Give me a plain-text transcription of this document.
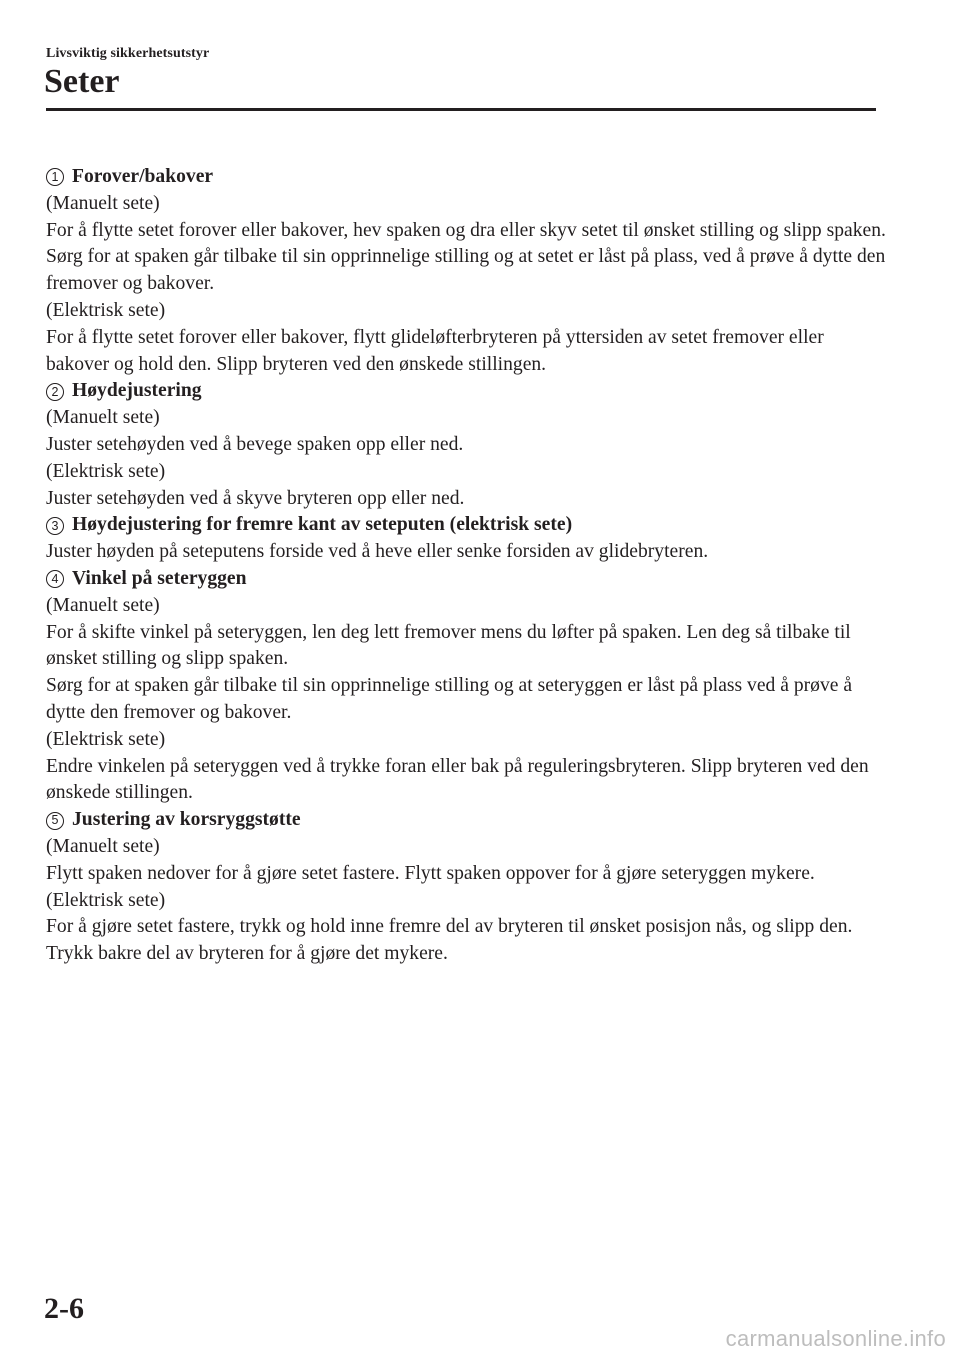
Livsviktig sikkerhetsutstyr
Seter
1 Forover/bakover

(Manuelt sete)

For å flytte setet forover eller bakover, hev spaken og dra eller skyv setet til ønsket stilling og slipp spaken.

Sørg for at spaken går tilbake til sin opprinnelige stilling og at setet er låst på plass, ved å prøve å dytte den fremover og bakover.

(Elektrisk sete)

For å flytte setet forover eller bakover, flytt glideløfterbryteren på yttersiden av setet fremover eller bakover og hold den. Slipp bryteren ved den ønskede stillingen.

2 Høydejustering

(Manuelt sete)

Juster setehøyden ved å bevege spaken opp eller ned.

(Elektrisk sete)

Juster setehøyden ved å skyve bryteren opp eller ned.

3 Høydejustering for fremre kant av seteputen (elektrisk sete)

Juster høyden på seteputens forside ved å heve eller senke forsiden av glidebryteren.

4 Vinkel på seteryggen

(Manuelt sete)

For å skifte vinkel på seteryggen, len deg lett fremover mens du løfter på spaken. Len deg så tilbake til ønsket stilling og slipp spaken.

Sørg for at spaken går tilbake til sin opprinnelige stilling og at seteryggen er låst på plass ved å prøve å dytte den fremover og bakover.

(Elektrisk sete)

Endre vinkelen på seteryggen ved å trykke foran eller bak på reguleringsbryteren. Slipp bryteren ved den ønskede stillingen.

5 Justering av korsryggstøtte

(Manuelt sete)

Flytt spaken nedover for å gjøre setet fastere. Flytt spaken oppover for å gjøre seteryggen mykere.

(Elektrisk sete)

For å gjøre setet fastere, trykk og hold inne fremre del av bryteren til ønsket posisjon nås, og slipp den.

Trykk bakre del av bryteren for å gjøre det mykere.

2-6
carmanualsonline.info
